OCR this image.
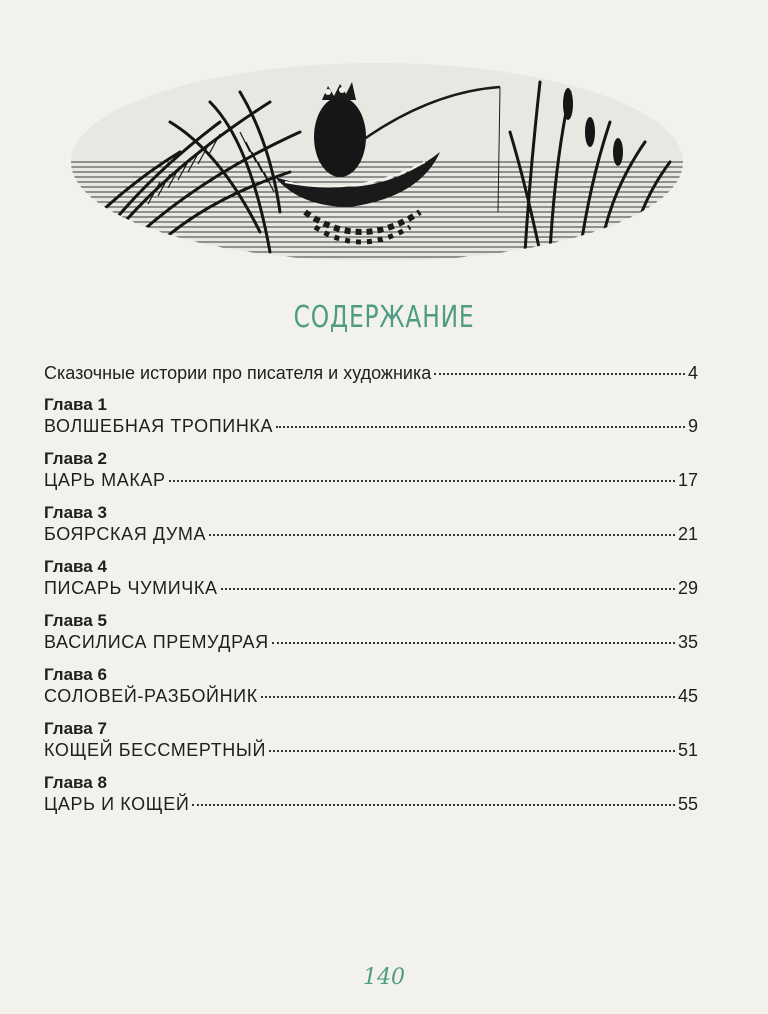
СОДЕРЖАНИЕ
Сказочные истории про писателя и художника	4
Глава 1
ВОЛШЕБНАЯ ТРОПИНКА	9
Глава 2
ЦАРЬ МАКАР	17
Глава 3
БОЯРСКАЯ ДУМА	21
Глава 4
ПИСАРЬ ЧУМИЧКА	29
Глава 5
ВАСИЛИСА ПРЕМУДРАЯ	35
Глава 6
СОЛОВЕЙ-РАЗБОЙНИК	45
Глава 7
КОЩЕЙ БЕССМЕРТНЫЙ	51
Глава 8
ЦАРЬ И КОЩЕЙ	55
140
